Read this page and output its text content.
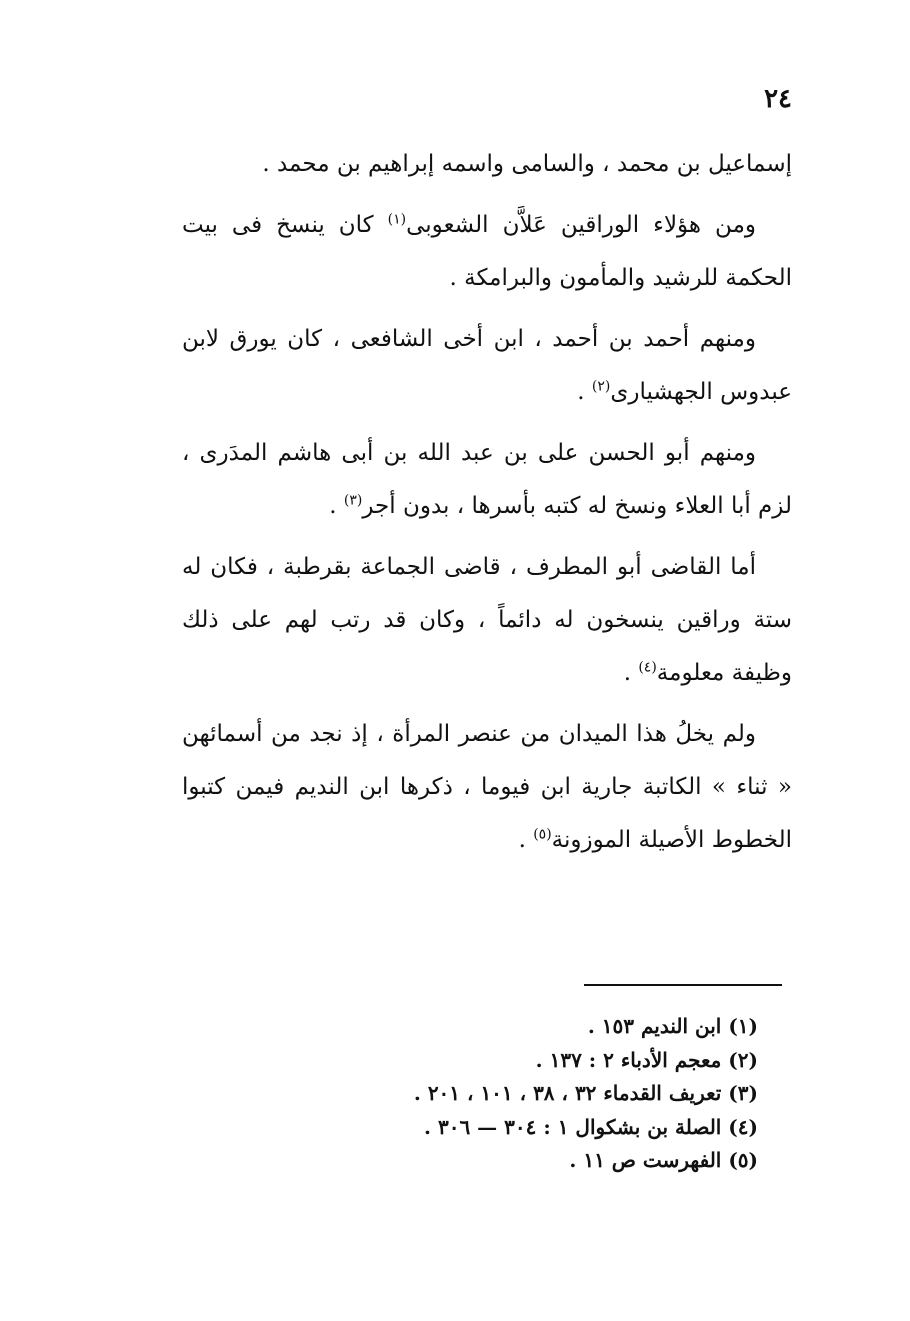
٢٤

إسماعيل بن محمد ، والسامى واسمه إبراهيم بن محمد .

ومن هؤلاء الوراقين عَلاَّن الشعوبى$^{(١)}$ كان ينسخ فى بيت الحكمة للرشيد والمأمون والبرامكة .

ومنهم أحمد بن أحمد ، ابن أخى الشافعى ، كان يورق لابن عبدوس الجهشيارى$^{(٢)}$ .

ومنهم أبو الحسن على بن عبد الله بن أبى هاشم المدَرى ، لزم أبا العلاء ونسخ له كتبه بأسرها ، بدون أجر$^{(٣)}$ .

أما القاضى أبو المطرف ، قاضى الجماعة بقرطبة ، فكان له ستة وراقين ينسخون له دائماً ، وكان قد رتب لهم على ذلك وظيفة معلومة$^{(٤)}$ .

ولم يخلُ هذا الميدان من عنصر المرأة ، إذ نجد من أسمائهن « ثناء » الكاتبة جارية ابن فيوما ، ذكرها ابن النديم فيمن كتبوا الخطوط الأصيلة الموزونة$^{(٥)}$ .

(١) ابن النديم ١٥٣ .
(٢) معجم الأدباء ٢ : ١٣٧ .
(٣) تعريف القدماء ٣٢ ، ٣٨ ، ١٠١ ، ٢٠١ .
(٤) الصلة بن بشكوال ١ : ٣٠٤ — ٣٠٦ .
(٥) الفهرست ص ١١ .
